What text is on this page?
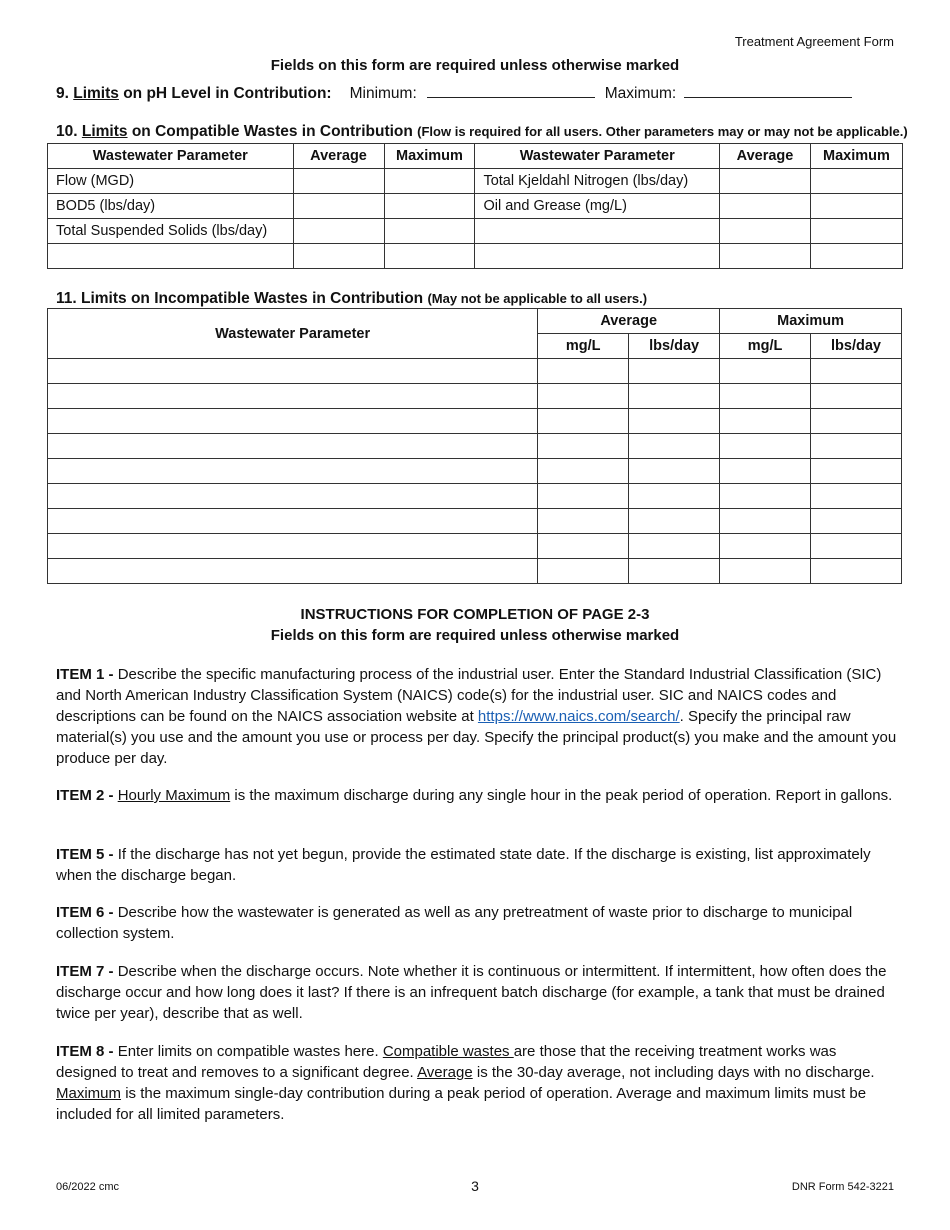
Treatment Agreement Form
Fields on this form are required unless otherwise marked
9.
Limits
on pH Level in Contribution: Minimum:	Maximum:
10. Limits on Compatible Wastes in Contribution (Flow is required for all users. Other parameters may or may not be applicable.)
Wastewater Parameter	Average	Maximum	Wastewater Parameter	Average	Maximum
Flow (MGD)			Total Kjeldahl Nitrogen (lbs/day)		
BOD5 (lbs/day)			Oil and Grease (mg/L)		
Total Suspended Solids (lbs/day)					

11. Limits on Incompatible Wastes in Contribution (May not be applicable to all users.)
Wastewater Parameter	Average		Maximum	
	mg/L	lbs/day	mg/L	lbs/day

INSTRUCTIONS FOR COMPLETION OF PAGE 2-3
Fields on this form are required unless otherwise marked
ITEM 1 - Describe the specific manufacturing process of the industrial user. Enter the Standard Industrial Classification (SIC) and North American Industry Classification System (NAICS) code(s) for the industrial user. SIC and NAICS codes and descriptions can be found on the NAICS association website at https://www.naics.com/search/. Specify the principal raw material(s) you use and the amount you use or process per day. Specify the principal product(s) you make and the amount you produce per day.
ITEM 2 - Hourly Maximum is the maximum discharge during any single hour in the peak period of operation. Report in gallons.
ITEM 5 - If the discharge has not yet begun, provide the estimated state date. If the discharge is existing, list approximately when the discharge began.
ITEM 6 - Describe how the wastewater is generated as well as any pretreatment of waste prior to discharge to municipal collection system.
ITEM 7 - Describe when the discharge occurs. Note whether it is continuous or intermittent. If intermittent, how often does the discharge occur and how long does it last? If there is an infrequent batch discharge (for example, a tank that must be drained twice per year), describe that as well.
ITEM 8 - Enter limits on compatible wastes here. Compatible wastes are those that the receiving treatment works was designed to treat and removes to a significant degree. Average is the 30-day average, not including days with no discharge. Maximum is the maximum single-day contribution during a peak period of operation. Average and maximum limits must be included for all limited parameters.
06/2022 cmc	3	DNR Form 542-3221
